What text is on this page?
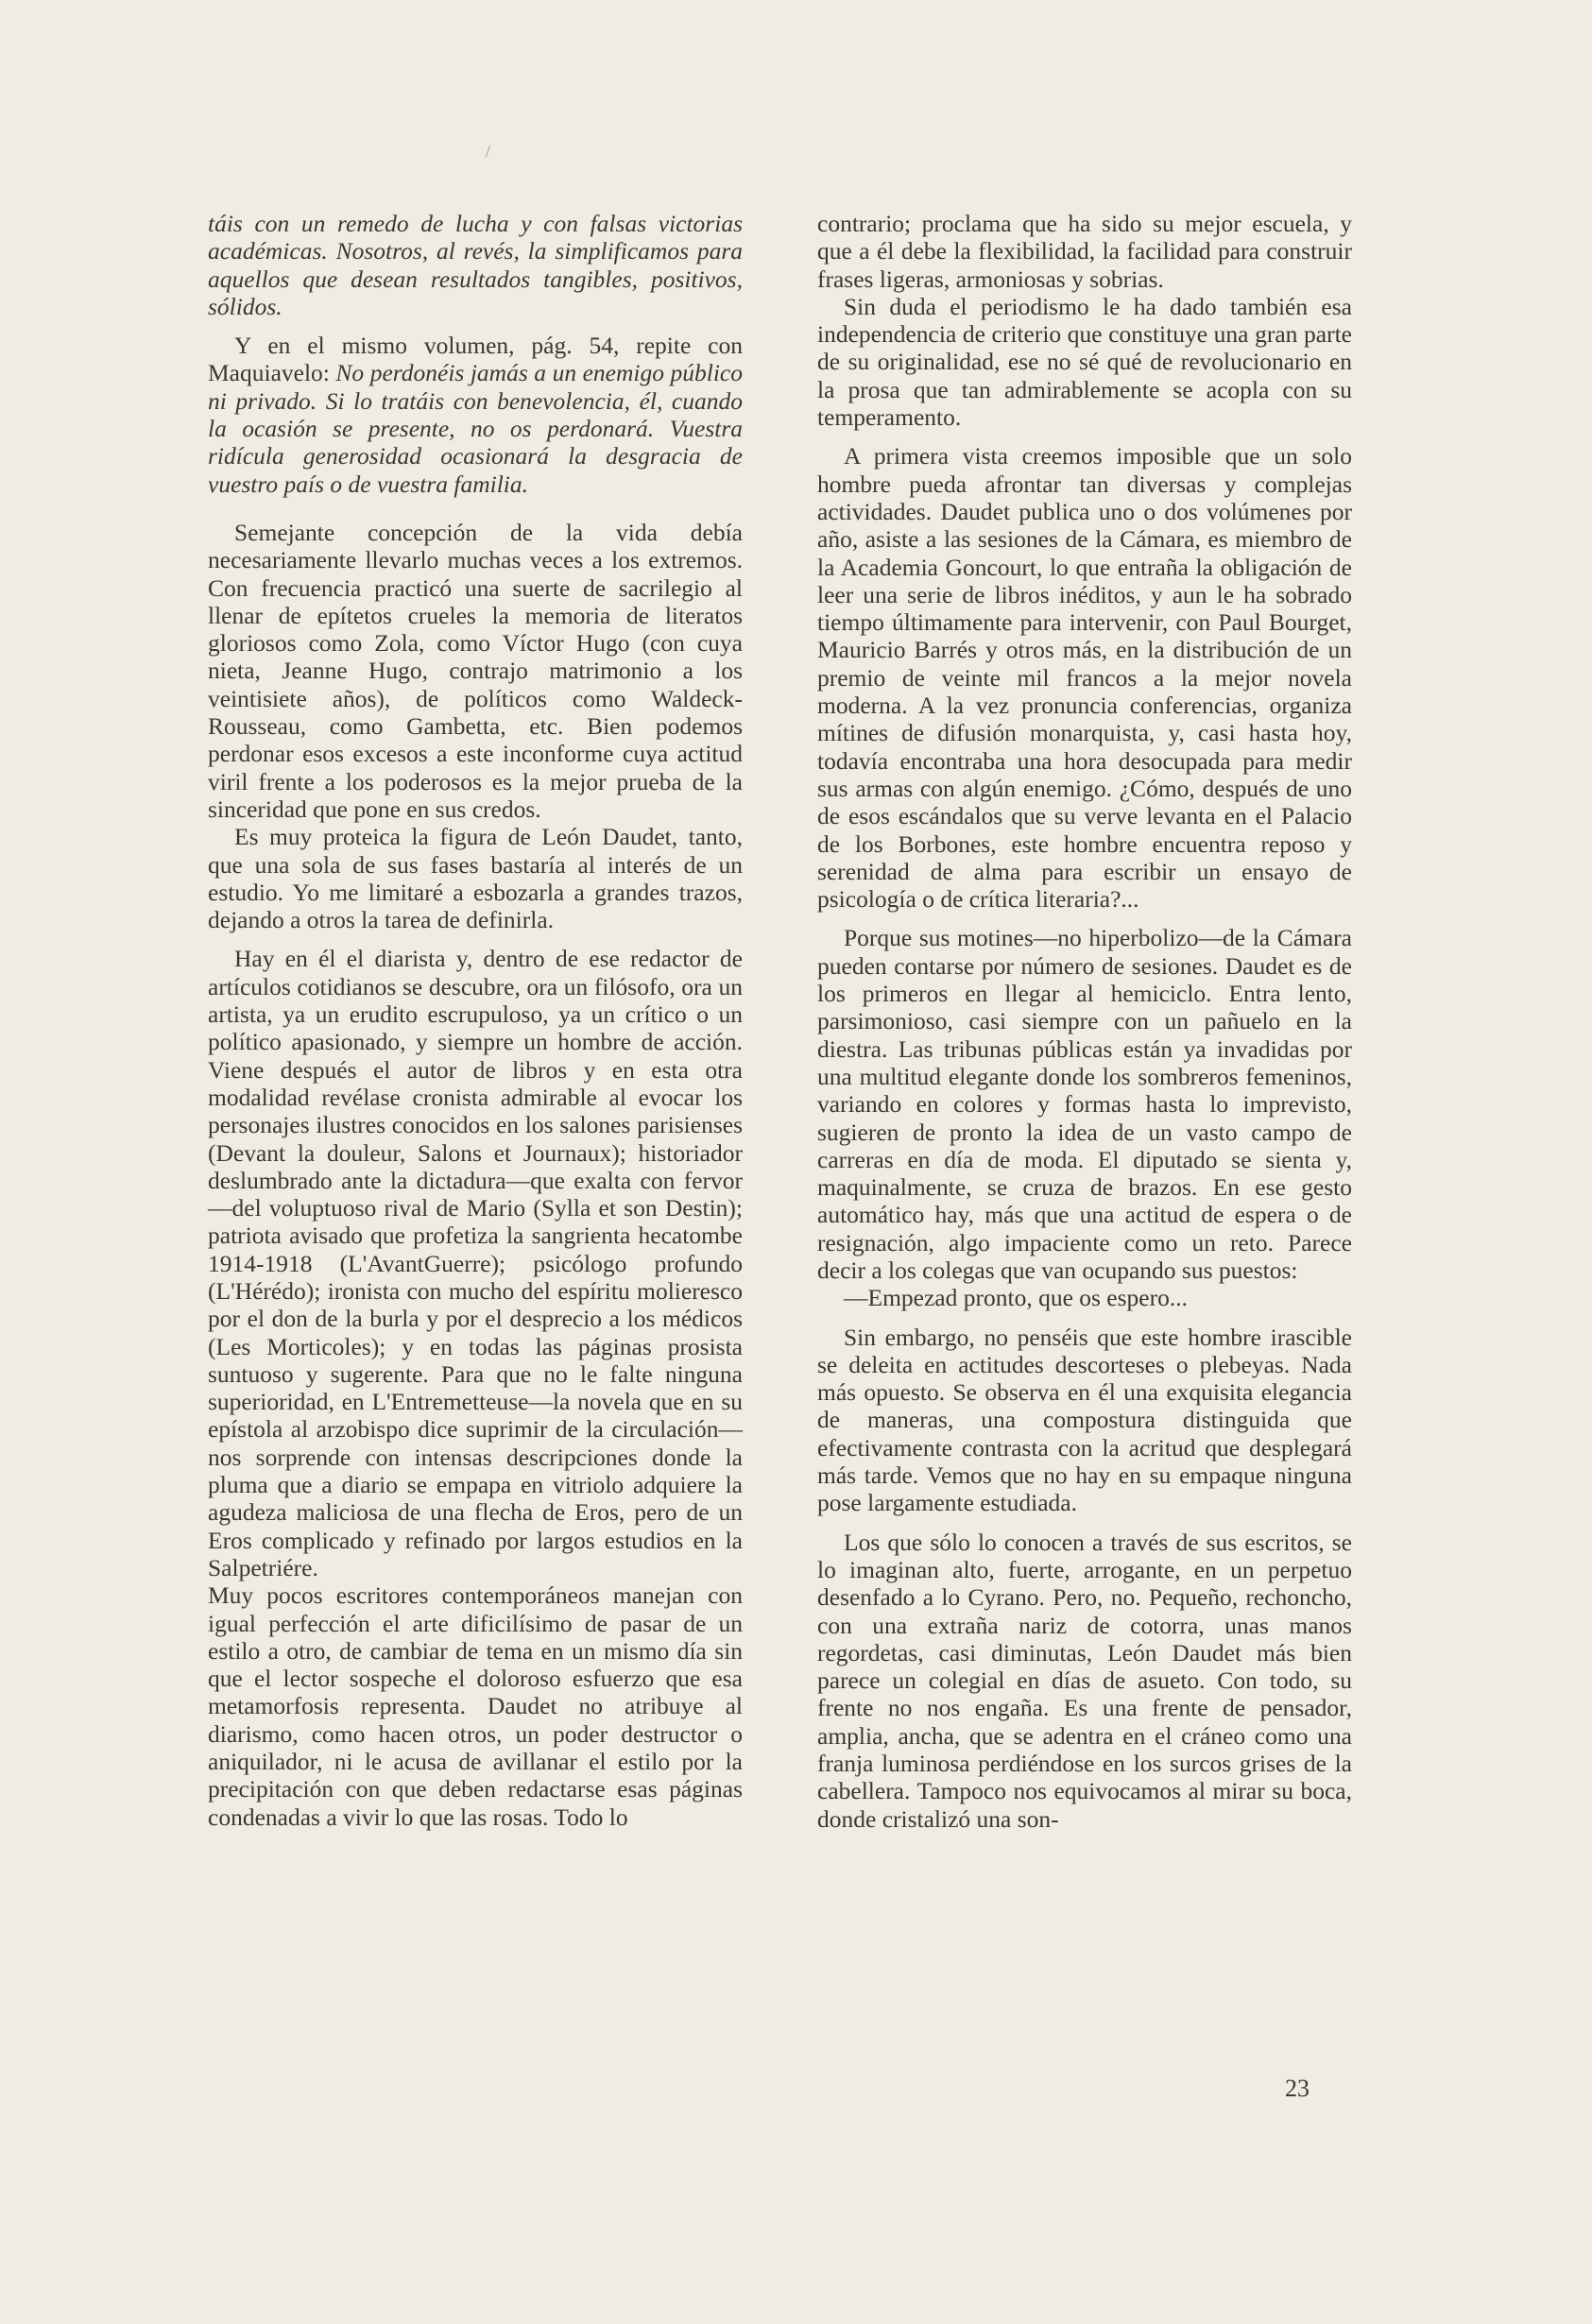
/

táis con un remedo de lucha y con falsas victorias académicas. Nosotros, al revés, la simplificamos para aquellos que desean resultados tangibles, positivos, sólidos.

Y en el mismo volumen, pág. 54, repite con Maquiavelo: No perdonéis jamás a un enemigo público ni privado. Si lo tratáis con benevolencia, él, cuando la ocasión se presente, no os perdonará. Vuestra ridícula generosidad ocasionará la desgracia de vuestro país o de vuestra familia.

Semejante concepción de la vida debía necesariamente llevarlo muchas veces a los extremos. Con frecuencia practicó una suerte de sacrilegio al llenar de epítetos crueles la memoria de literatos gloriosos como Zola, como Víctor Hugo (con cuya nieta, Jeanne Hugo, contrajo matrimonio a los veintisiete años), de políticos como Waldeck-Rousseau, como Gambetta, etc. Bien podemos perdonar esos excesos a este inconforme cuya actitud viril frente a los poderosos es la mejor prueba de la sinceridad que pone en sus credos.

Es muy proteica la figura de León Daudet, tanto, que una sola de sus fases bastaría al interés de un estudio. Yo me limitaré a esbozarla a grandes trazos, dejando a otros la tarea de definirla.

Hay en él el diarista y, dentro de ese redactor de artículos cotidianos se descubre, ora un filósofo, ora un artista, ya un erudito escrupuloso, ya un crítico o un político apasionado, y siempre un hombre de acción. Viene después el autor de libros y en esta otra modalidad revélase cronista admirable al evocar los personajes ilustres conocidos en los salones parisienses (Devant la douleur, Salons et Journaux); historiador deslumbrado ante la dictadura—que exalta con fervor—del voluptuoso rival de Mario (Sylla et son Destin); patriota avisado que profetiza la sangrienta hecatombe 1914-1918 (L'AvantGuerre); psicólogo profundo (L'Hérédo); ironista con mucho del espíritu molieresco por el don de la burla y por el desprecio a los médicos (Les Morticoles); y en todas las páginas prosista suntuoso y sugerente. Para que no le falte ninguna superioridad, en L'Entremetteuse—la novela que en su epístola al arzobispo dice suprimir de la circulación—nos sorprende con intensas descripciones donde la pluma que a diario se empapa en vitriolo adquiere la agudeza maliciosa de una flecha de Eros, pero de un Eros complicado y refinado por largos estudios en la Salpetriére.

Muy pocos escritores contemporáneos manejan con igual perfección el arte dificilísimo de pasar de un estilo a otro, de cambiar de tema en un mismo día sin que el lector sospeche el doloroso esfuerzo que esa metamorfosis representa. Daudet no atribuye al diarismo, como hacen otros, un poder destructor o aniquilador, ni le acusa de avillanar el estilo por la precipitación con que deben redactarse esas páginas condenadas a vivir lo que las rosas. Todo lo

contrario; proclama que ha sido su mejor escuela, y que a él debe la flexibilidad, la facilidad para construir frases ligeras, armoniosas y sobrias.

Sin duda el periodismo le ha dado también esa independencia de criterio que constituye una gran parte de su originalidad, ese no sé qué de revolucionario en la prosa que tan admirablemente se acopla con su temperamento.

A primera vista creemos imposible que un solo hombre pueda afrontar tan diversas y complejas actividades. Daudet publica uno o dos volúmenes por año, asiste a las sesiones de la Cámara, es miembro de la Academia Goncourt, lo que entraña la obligación de leer una serie de libros inéditos, y aun le ha sobrado tiempo últimamente para intervenir, con Paul Bourget, Mauricio Barrés y otros más, en la distribución de un premio de veinte mil francos a la mejor novela moderna. A la vez pronuncia conferencias, organiza mítines de difusión monarquista, y, casi hasta hoy, todavía encontraba una hora desocupada para medir sus armas con algún enemigo. ¿Cómo, después de uno de esos escándalos que su verve levanta en el Palacio de los Borbones, este hombre encuentra reposo y serenidad de alma para escribir un ensayo de psicología o de crítica literaria?...

Porque sus motines—no hiperbolizo—de la Cámara pueden contarse por número de sesiones. Daudet es de los primeros en llegar al hemiciclo. Entra lento, parsimonioso, casi siempre con un pañuelo en la diestra. Las tribunas públicas están ya invadidas por una multitud elegante donde los sombreros femeninos, variando en colores y formas hasta lo imprevisto, sugieren de pronto la idea de un vasto campo de carreras en día de moda. El diputado se sienta y, maquinalmente, se cruza de brazos. En ese gesto automático hay, más que una actitud de espera o de resignación, algo impaciente como un reto. Parece decir a los colegas que van ocupando sus puestos:

—Empezad pronto, que os espero...

Sin embargo, no penséis que este hombre irascible se deleita en actitudes descorteses o plebeyas. Nada más opuesto. Se observa en él una exquisita elegancia de maneras, una compostura distinguida que efectivamente contrasta con la acritud que desplegará más tarde. Vemos que no hay en su empaque ninguna pose largamente estudiada.

Los que sólo lo conocen a través de sus escritos, se lo imaginan alto, fuerte, arrogante, en un perpetuo desenfado a lo Cyrano. Pero, no. Pequeño, rechoncho, con una extraña nariz de cotorra, unas manos regordetas, casi diminutas, León Daudet más bien parece un colegial en días de asueto. Con todo, su frente no nos engaña. Es una frente de pensador, amplia, ancha, que se adentra en el cráneo como una franja luminosa perdiéndose en los surcos grises de la cabellera. Tampoco nos equivocamos al mirar su boca, donde cristalizó una son-

23
